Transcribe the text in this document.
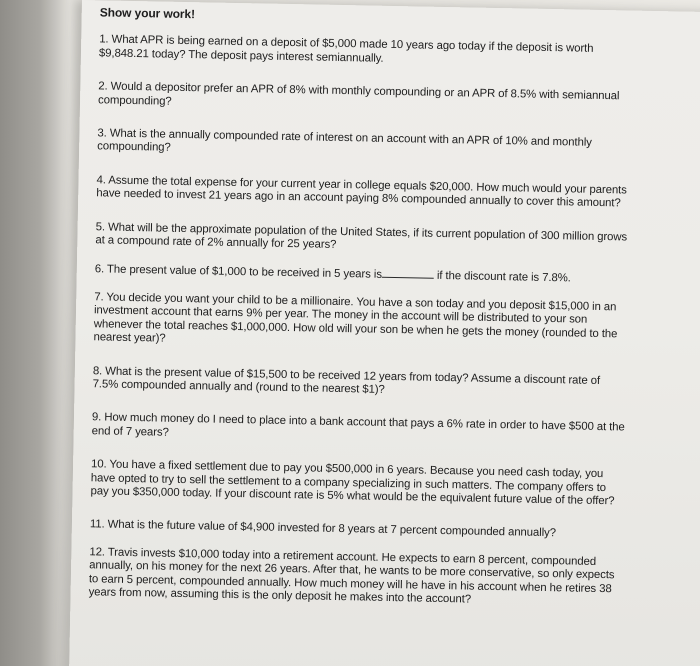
Show your work!
1. What APR is being earned on a deposit of $5,000 made 10 years ago today if the deposit is worth $9,848.21 today? The deposit pays interest semiannually.
2. Would a depositor prefer an APR of 8% with monthly compounding or an APR of 8.5% with semiannual compounding?
3. What is the annually compounded rate of interest on an account with an APR of 10% and monthly compounding?
4. Assume the total expense for your current year in college equals $20,000. How much would your parents have needed to invest 21 years ago in an account paying 8% compounded annually to cover this amount?
5. What will be the approximate population of the United States, if its current population of 300 million grows at a compound rate of 2% annually for 25 years?
6. The present value of $1,000 to be received in 5 years is	if the discount rate is 7.8%.
7. You decide you want your child to be a millionaire. You have a son today and you deposit $15,000 in an investment account that earns 9% per year. The money in the account will be distributed to your son whenever the total reaches $1,000,000. How old will your son be when he gets the money (rounded to the nearest year)?
8. What is the present value of $15,500 to be received 12 years from today? Assume a discount rate of 7.5% compounded annually and (round to the nearest $1)?
9. How much money do I need to place into a bank account that pays a 6% rate in order to have $500 at the end of 7 years?
10. You have a fixed settlement due to pay you $500,000 in 6 years. Because you need cash today, you have opted to try to sell the settlement to a company specializing in such matters. The company offers to pay you $350,000 today. If your discount rate is 5% what would be the equivalent future value of the offer?
11. What is the future value of $4,900 invested for 8 years at 7 percent compounded annually?
12. Travis invests $10,000 today into a retirement account. He expects to earn 8 percent, compounded annually, on his money for the next 26 years. After that, he wants to be more conservative, so only expects to earn 5 percent, compounded annually. How much money will he have in his account when he retires 38 years from now, assuming this is the only deposit he makes into the account?
